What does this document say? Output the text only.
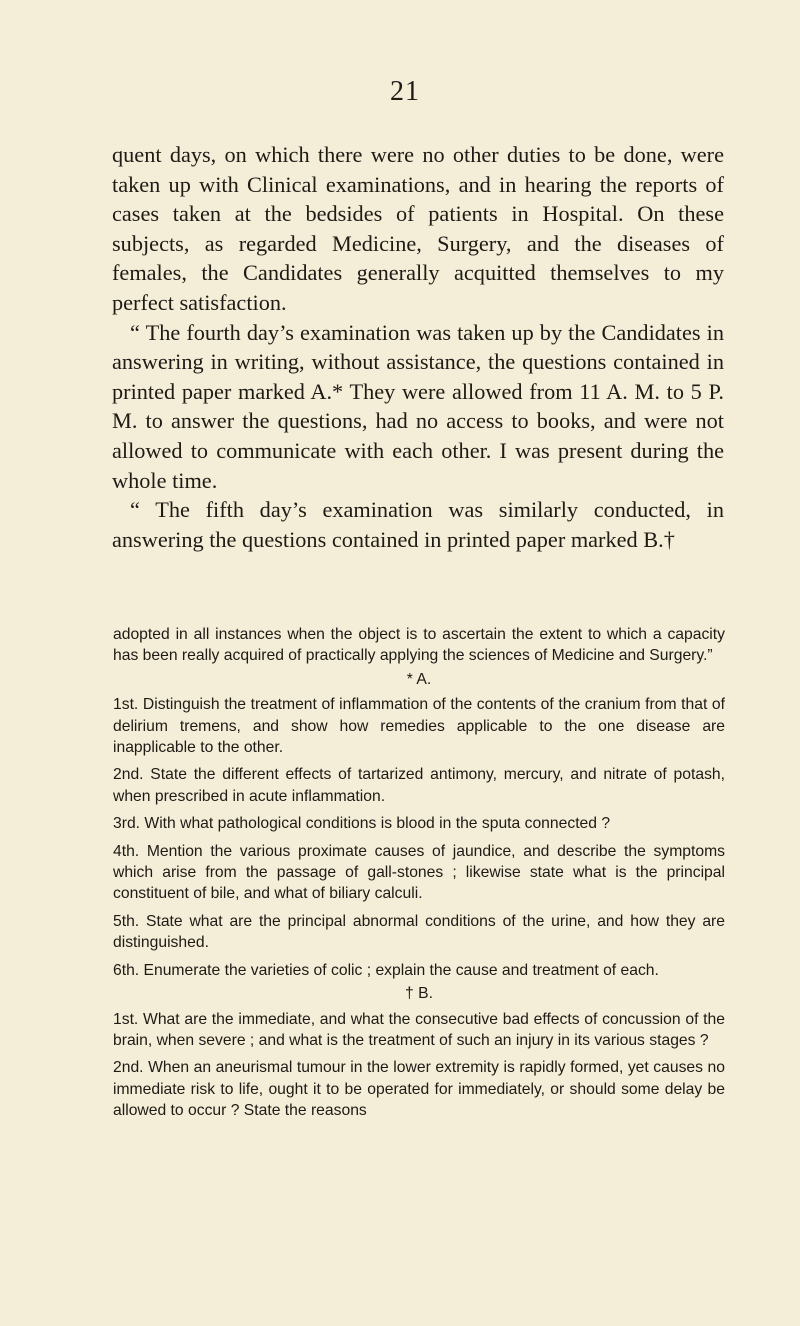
21

quent days, on which there were no other duties to be done, were taken up with Clinical examinations, and in hearing the reports of cases taken at the bedsides of patients in Hospital. On these subjects, as regarded Medicine, Surgery, and the diseases of females, the Candidates generally acquitted themselves to my perfect satisfaction.

“ The fourth day’s examination was taken up by the Candidates in answering in writing, without assistance, the questions contained in printed paper marked A.* They were allowed from 11 A. M. to 5 P. M. to answer the questions, had no access to books, and were not allowed to communicate with each other. I was present during the whole time.

“ The fifth day’s examination was similarly conducted, in answering the questions contained in printed paper marked B.†

adopted in all instances when the object is to ascertain the extent to which a capacity has been really acquired of practically applying the sciences of Medicine and Surgery.”

* A.

1st. Distinguish the treatment of inflammation of the contents of the cranium from that of delirium tremens, and show how remedies applicable to the one disease are inapplicable to the other.

2nd. State the different effects of tartarized antimony, mercury, and nitrate of potash, when prescribed in acute inflammation.

3rd. With what pathological conditions is blood in the sputa connected ?

4th. Mention the various proximate causes of jaundice, and describe the symptoms which arise from the passage of gall-stones ; likewise state what is the principal constituent of bile, and what of biliary calculi.

5th. State what are the principal abnormal conditions of the urine, and how they are distinguished.

6th. Enumerate the varieties of colic ; explain the cause and treatment of each.

† B.

1st. What are the immediate, and what the consecutive bad effects of concussion of the brain, when severe ; and what is the treatment of such an injury in its various stages ?

2nd. When an aneurismal tumour in the lower extremity is rapidly formed, yet causes no immediate risk to life, ought it to be operated for immediately, or should some delay be allowed to occur ? State the reasons
